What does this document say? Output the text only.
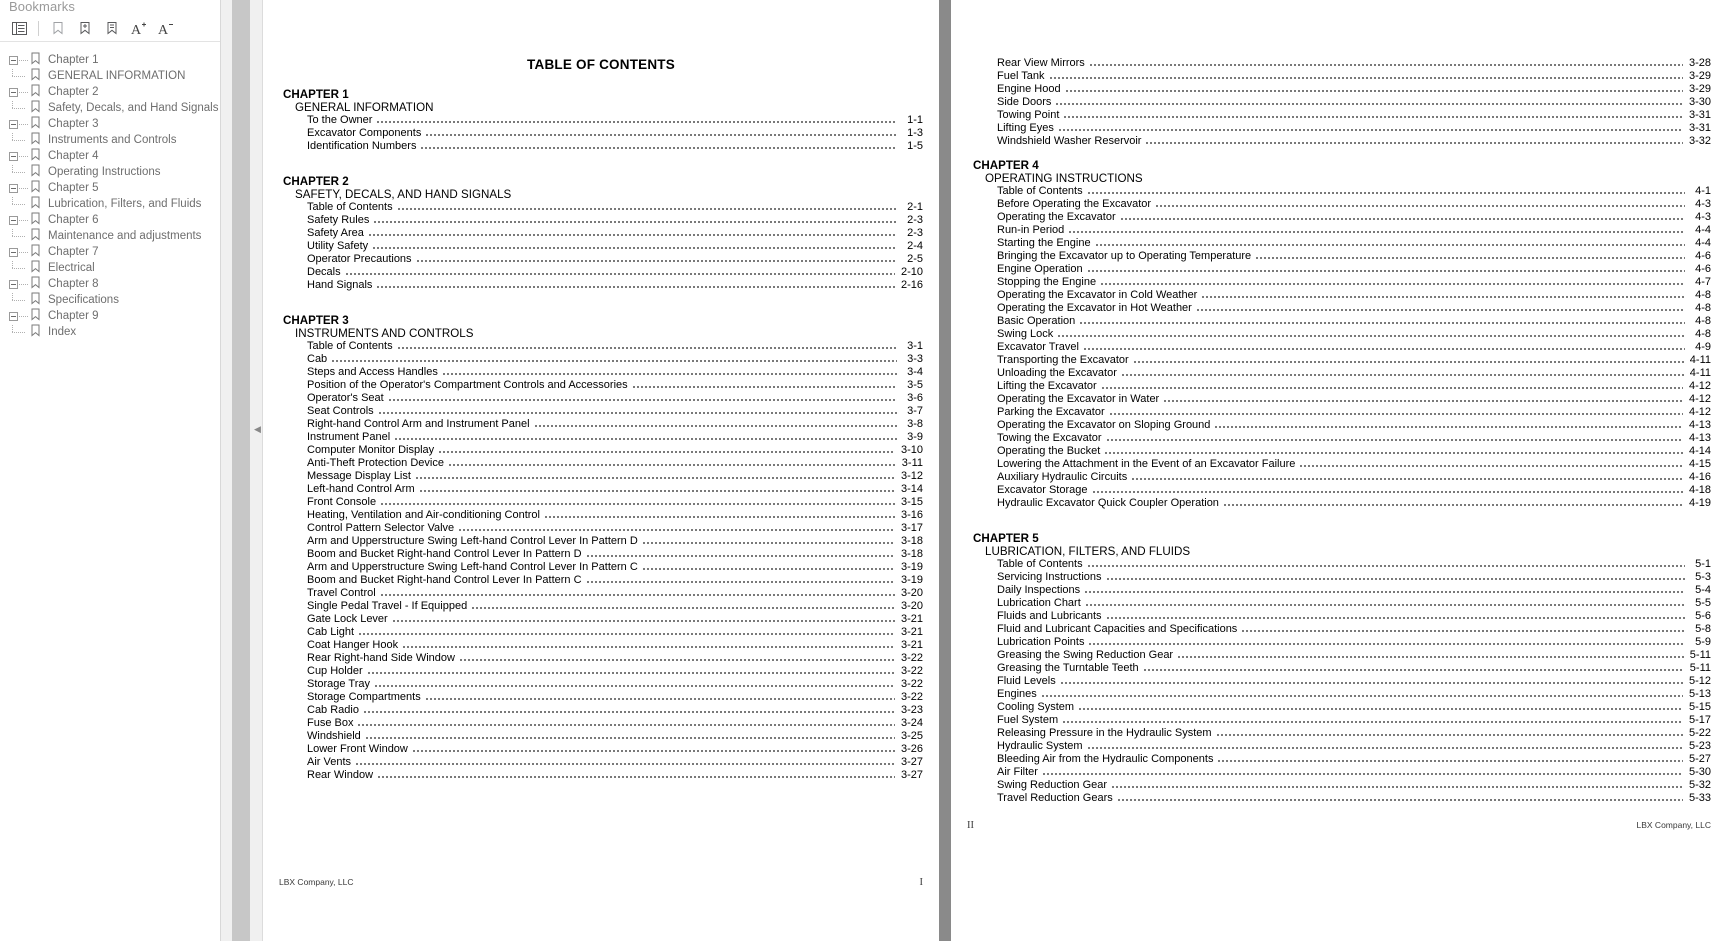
Bookmarks
A A
Chapter 1
GENERAL INFORMATION
Chapter 2
Safety, Decals, and Hand Signals
Chapter 3
Instruments and Controls
Chapter 4
Operating Instructions
Chapter 5
Lubrication, Filters, and Fluids
Chapter 6
Maintenance and adjustments
Chapter 7
Electrical
Chapter 8
Specifications
Chapter 9
Index
◀
TABLE OF CONTENTS
CHAPTER 1
GENERAL INFORMATION
To the Owner	1-1
Excavator Components	1-3
Identification Numbers	1-5
CHAPTER 2
SAFETY, DECALS, AND HAND SIGNALS
Table of Contents	2-1
Safety Rules	2-3
Safety Area	2-3
Utility Safety	2-4
Operator Precautions	2-5
Decals	2-10
Hand Signals	2-16
CHAPTER 3
INSTRUMENTS AND CONTROLS
Table of Contents	3-1
Cab	3-3
Steps and Access Handles	3-4
Position of the Operator's Compartment Controls and Accessories	3-5
Operator's Seat	3-6
Seat Controls	3-7
Right-hand Control Arm and Instrument Panel	3-8
Instrument Panel	3-9
Computer Monitor Display	3-10
Anti-Theft Protection Device	3-11
Message Display List	3-12
Left-hand Control Arm	3-14
Front Console	3-15
Heating, Ventilation and Air-conditioning Control	3-16
Control Pattern Selector Valve	3-17
Arm and Upperstructure Swing Left-hand Control Lever In Pattern D	3-18
Boom and Bucket Right-hand Control Lever In Pattern D	3-18
Arm and Upperstructure Swing Left-hand Control Lever In Pattern C	3-19
Boom and Bucket Right-hand Control Lever In Pattern C	3-19
Travel Control	3-20
Single Pedal Travel - If Equipped	3-20
Gate Lock Lever	3-21
Cab Light	3-21
Coat Hanger Hook	3-21
Rear Right-hand Side Window	3-22
Cup Holder	3-22
Storage Tray	3-22
Storage Compartments	3-22
Cab Radio	3-23
Fuse Box	3-24
Windshield	3-25
Lower Front Window	3-26
Air Vents	3-27
Rear Window	3-27
LBX Company, LLC	I
Rear View Mirrors	3-28
Fuel Tank	3-29
Engine Hood	3-29
Side Doors	3-30
Towing Point	3-31
Lifting Eyes	3-31
Windshield Washer Reservoir	3-32
CHAPTER 4
OPERATING INSTRUCTIONS
Table of Contents	4-1
Before Operating the Excavator	4-3
Operating the Excavator	4-3
Run-in Period	4-4
Starting the Engine	4-4
Bringing the Excavator up to Operating Temperature	4-6
Engine Operation	4-6
Stopping the Engine	4-7
Operating the Excavator in Cold Weather	4-8
Operating the Excavator in Hot Weather	4-8
Basic Operation	4-8
Swing Lock	4-8
Excavator Travel	4-9
Transporting the Excavator	4-11
Unloading the Excavator	4-11
Lifting the Excavator	4-12
Operating the Excavator in Water	4-12
Parking the Excavator	4-12
Operating the Excavator on Sloping Ground	4-13
Towing the Excavator	4-13
Operating the Bucket	4-14
Lowering the Attachment in the Event of an Excavator Failure	4-15
Auxiliary Hydraulic Circuits	4-16
Excavator Storage	4-18
Hydraulic Excavator Quick Coupler Operation	4-19
CHAPTER 5
LUBRICATION, FILTERS, AND FLUIDS
Table of Contents	5-1
Servicing Instructions	5-3
Daily Inspections	5-4
Lubrication Chart	5-5
Fluids and Lubricants	5-6
Fluid and Lubricant Capacities and Specifications	5-8
Lubrication Points	5-9
Greasing the Swing Reduction Gear	5-11
Greasing the Turntable Teeth	5-11
Fluid Levels	5-12
Engines	5-13
Cooling System	5-15
Fuel System	5-17
Releasing Pressure in the Hydraulic System	5-22
Hydraulic System	5-23
Bleeding Air from the Hydraulic Components	5-27
Air Filter	5-30
Swing Reduction Gear	5-32
Travel Reduction Gears	5-33
II	LBX Company, LLC
